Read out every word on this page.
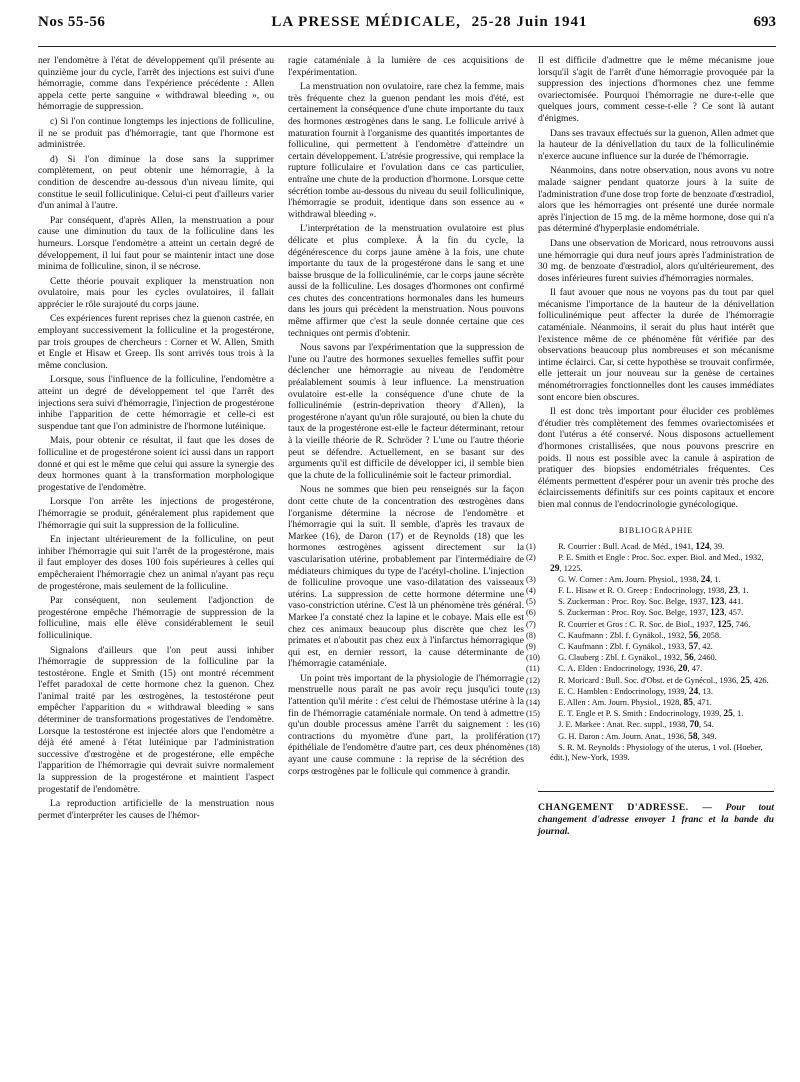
Nos 55-56	LA PRESSE MÉDICALE, 25-28 Juin 1941	693

ner l'endomètre à l'état de développement qu'il présente au quinzième jour du cycle, l'arrêt des injections est suivi d'une hémorragie, comme dans l'expérience précédente : Allen appela cette perte sanguine « withdrawal bleeding », ou hémorragie de suppression.

c) Si l'on continue longtemps les injections de folliculine, il ne se produit pas d'hémorragie, tant que l'hormone est administrée.

d) Si l'on diminue la dose sans la supprimer complètement, on peut obtenir une hémorragie, à la condition de descendre au-dessous d'un niveau limite, qui constitue le seuil folliculinique. Celui-ci peut d'ailleurs varier d'un animal à l'autre.

Par conséquent, d'après Allen, la menstruation a pour cause une diminution du taux de la folliculine dans les humeurs. Lorsque l'endomètre a atteint un certain degré de développement, il lui faut pour se maintenir intact une dose minima de folliculine, sinon, il se nécrose.

Cette théorie pouvait expliquer la menstruation non ovulatoire, mais pour les cycles ovulatoires, il fallait apprécier le rôle surajouté du corps jaune.

Ces expériences furent reprises chez la guenon castrée, en employant successivement la folliculine et la progestérone, par trois groupes de chercheurs : Corner et W. Allen, Smith et Engle et Hisaw et Greep. Ils sont arrivés tous trois à la même conclusion.

Lorsque, sous l'influence de la folliculine, l'endomètre a atteint un degré de développement tel que l'arrêt des injections sera suivi d'hémorragie, l'injection de progestérone inhibe l'apparition de cette hémorragie et celle-ci est suspendue tant que l'on administre de l'hormone lutéinique.

Mais, pour obtenir ce résultat, il faut que les doses de folliculine et de progestérone soient ici aussi dans un rapport donné et qui est le même que celui qui assure la synergie des deux hormones quant à la transformation morphologique progestative de l'endomètre.

Lorsque l'on arrête les injections de progestérone, l'hémorragie se produit, généralement plus rapidement que l'hémorragie qui suit la suppression de la folliculine.

En injectant ultérieurement de la folliculine, on peut inhiber l'hémorragie qui suit l'arrêt de la progestérone, mais il faut employer des doses 100 fois supérieures à celles qui empêcheraient l'hémorragie chez un animal n'ayant pas reçu de progestérone, mais seulement de la folliculine.

Par conséquent, non seulement l'adjonction de progestérone empêche l'hémorragie de suppression de la folliculine, mais elle élève considérablement le seuil folliculinique.

Signalons d'ailleurs que l'on peut aussi inhiber l'hémorragie de suppression de la folliculine par la testostérone. Engle et Smith (15) ont montré récemment l'effet paradoxal de cette hormone chez la guenon. Chez l'animal traité par les œstrogènes, la testostérone peut empêcher l'apparition du « withdrawal bleeding » sans déterminer de transformations progestatives de l'endomètre. Lorsque la testostérone est injectée alors que l'endomètre a déjà été amené à l'état lutéinique par l'administration successive d'œstrogène et de progestérone, elle empêche l'apparition de l'hémorragie qui devrait suivre normalement la suppression de la progestérone et maintient l'aspect progestatif de l'endomètre.

La reproduction artificielle de la menstruation nous permet d'interpréter les causes de l'hémor-

ragie cataméniale à la lumière de ces acquisitions de l'expérimentation.

La menstruation non ovulatoire, rare chez la femme, mais très fréquente chez la guenon pendant les mois d'été, est certainement la conséquence d'une chute importante du taux des hormones œstrogènes dans le sang. Le follicule arrivé à maturation fournit à l'organisme des quantités importantes de folliculine, qui permettent à l'endomètre d'atteindre un certain développement. L'atrésie progressive, qui remplace la rupture folliculaire et l'ovulation dans ce cas particulier, entraîne une chute de la production d'hormone. Lorsque cette sécrétion tombe au-dessous du niveau du seuil folliculinique, l'hémorragie se produit, identique dans son essence au « withdrawal bleeding ».

L'interprétation de la menstruation ovulatoire est plus délicate et plus complexe. À la fin du cycle, la dégénérescence du corps jaune amène à la fois, une chute importante du taux de la progestérone dans le sang et une baisse brusque de la folliculinémie, car le corps jaune sécrète aussi de la folliculine. Les dosages d'hormones ont confirmé ces chutes des concentrations hormonales dans les humeurs dans les jours qui précèdent la menstruation. Nous pouvons même affirmer que c'est la seule donnée certaine que ces techniques ont permis d'obtenir.

Nous savons par l'expérimentation que la suppression de l'une ou l'autre des hormones sexuelles femelles suffit pour déclencher une hémorragie au niveau de l'endomètre préalablement soumis à leur influence. La menstruation ovulatoire est-elle la conséquence d'une chute de la folliculinémie (estrin-deprivation theory d'Allen), la progestérone n'ayant qu'un rôle surajouté, ou bien la chute du taux de la progestérone est-elle le facteur déterminant, retour à la vieille théorie de R. Schröder ? L'une ou l'autre théorie peut se défendre. Actuellement, en se basant sur des arguments qu'il est difficile de développer ici, il semble bien que la chute de la folliculinémie soit le facteur primordial.

Nous ne sommes que bien peu renseignés sur la façon dont cette chute de la concentration des œstrogènes dans l'organisme détermine la nécrose de l'endomètre et l'hémorragie qui la suit. Il semble, d'après les travaux de Markee (16), de Daron (17) et de Reynolds (18) que les hormones œstrogènes agissent directement sur la vascularisation utérine, probablement par l'intermédiaire de médiateurs chimiques du type de l'acétyl-choline. L'injection de folliculine provoque une vaso-dilatation des vaisseaux utérins. La suppression de cette hormone détermine une vaso-constriction utérine. C'est là un phénomène très général. Markee l'a constaté chez la lapine et le cobaye. Mais elle est chez ces animaux beaucoup plus discrète que chez les primates et n'aboutit pas chez eux à l'infarctus hémorragique qui est, en dernier ressort, la cause déterminante de l'hémorragie cataméniale.

Un point très important de la physiologie de l'hémorragie menstruelle nous paraît ne pas avoir reçu jusqu'ici toute l'attention qu'il mérite : c'est celui de l'hémostase utérine à la fin de l'hémorragie cataméniale normale. On tend à admettre qu'un double processus amène l'arrêt du saignement : les contractions du myomètre d'une part, la prolifération épithéliale de l'endomètre d'autre part, ces deux phénomènes ayant une cause commune : la reprise de la sécrétion des corps œstrogènes par le follicule qui commence à grandir.

Il est difficile d'admettre que le même mécanisme joue lorsqu'il s'agit de l'arrêt d'une hémorragie provoquée par la suppression des injections d'hormones chez une femme ovariectomisée. Pourquoi l'hémorragie ne dure-t-elle que quelques jours, comment cesse-t-elle ? Ce sont là autant d'énigmes.

Dans ses travaux effectués sur la guenon, Allen admet que la hauteur de la dénivellation du taux de la folliculinémie n'exerce aucune influence sur la durée de l'hémorragie.

Néanmoins, dans notre observation, nous avons vu notre malade saigner pendant quatorze jours à la suite de l'administration d'une dose trop forte de benzoate d'œstradiol, alors que les hémorragies ont présenté une durée normale après l'injection de 15 mg. de la même hormone, dose qui n'a pas déterminé d'hyperplasie endométriale.

Dans une observation de Moricard, nous retrouvons aussi une hémorragie qui dura neuf jours après l'administration de 30 mg. de benzoate d'œstradiol, alors qu'ultérieurement, des doses inférieures furent suivies d'hémorragies normales.

Il faut avouer que nous ne voyons pas du tout par quel mécanisme l'importance de la hauteur de la dénivellation folliculinémique peut affecter la durée de l'hémorragie cataméniale. Néanmoins, il serait du plus haut intérêt que l'existence même de ce phénomène fût vérifiée par des observations beaucoup plus nombreuses et son mécanisme intime éclairci. Car, si cette hypothèse se trouvait confirmée, elle jetterait un jour nouveau sur la genèse de certaines ménométrorragies fonctionnelles dont les causes immédiates sont encore bien obscures.

Il est donc très important pour élucider ces problèmes d'étudier très complètement des femmes ovariectomisées et dont l'utérus a été conservé. Nous disposons actuellement d'hormones cristallisées, que nous pouvons prescrire en poids. Il nous est possible avec la canule à aspiration de pratiquer des biopsies endométriales fréquentes. Ces éléments permettent d'espérer pour un avenir très proche des éclaircissements définitifs sur ces points capitaux et encore bien mal connus de l'endocrinologie gynécologique.

BIBLIOGRAPHIE
(1) R. Courrier : Bull. Acad. de Méd., 1941, 124, 39.
(2) P. E. Smith et Engle : Proc. Soc. exper. Biol. and Med., 1932, 29, 1225.
(3) G. W. Corner : Am. Journ. Physiol., 1938, 24, 1.
(4) F. L. Hisaw et R. O. Greep : Endocrinology, 1938, 23, 1.
(5) S. Zuckerman : Proc. Roy. Soc. Belge, 1937, 123, 441.
(6) S. Zuckerman : Proc. Roy. Soc. Belge, 1937, 123, 457.
(7) R. Courrier et Gros : C. R. Soc. de Biol., 1937, 125, 746.
(8) C. Kaufmann : Zbl. f. Gynäkol., 1932, 56, 2058.
(9) C. Kaufmann : Zbl. f. Gynäkol., 1933, 57, 42.
(10) G. Clauberg : Zbl. f. Gynäkol., 1932, 56, 2460.
(11) C. A. Elden : Endocrinology, 1936, 20, 47.
(12) R. Moricard : Bull. Soc. d'Obst. et de Gynécol., 1936, 25, 426.
(13) E. C. Hamblen : Endocrinology, 1939, 24, 13.
(14) E. Allen : Am. Journ. Physiol., 1928, 85, 471.
(15) E. T. Engle et P. S. Smith : Endocrinology, 1939, 25, 1.
(16) J. E. Markee : Anat. Rec. suppl., 1938, 70, 54.
(17) G. H. Daron : Am. Journ. Anat., 1936, 58, 349.
(18) S. R. M. Reynolds : Physiology of the uterus, 1 vol. (Hoeber, édit.), New-York, 1939.
CHANGEMENT D'ADRESSE. — Pour tout changement d'adresse envoyer 1 franc et la bande du journal.
